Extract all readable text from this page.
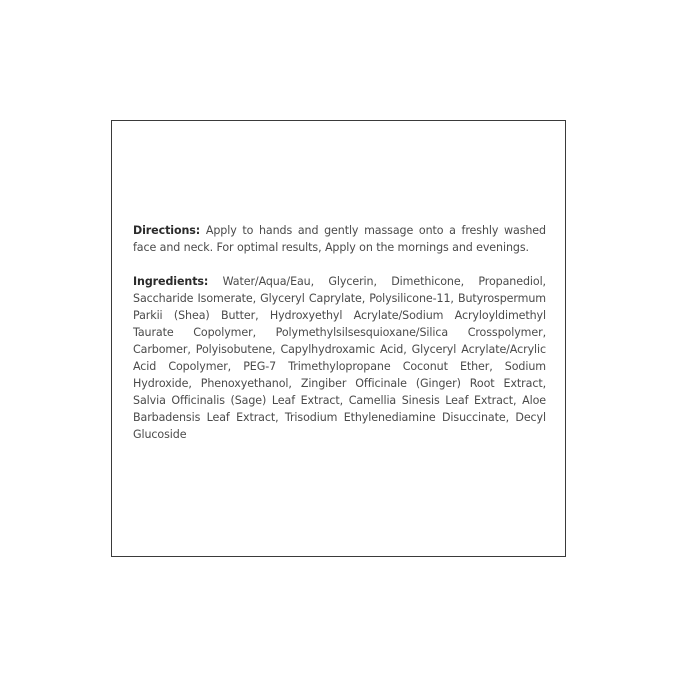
Directions: Apply to hands and gently massage onto a freshly washed face and neck. For optimal results, Apply on the mornings and evenings.

Ingredients: Water/Aqua/Eau, Glycerin, Dimethicone, Propanediol, Saccharide Isomerate, Glyceryl Caprylate, Polysilicone-11, Butyrospermum Parkii (Shea) Butter, Hydroxyethyl Acrylate/Sodium Acryloyldimethyl Taurate Copolymer, Polymethylsilsesquioxane/Silica Crosspolymer, Carbomer, Polyisobutene, Capylhydroxamic Acid, Glyceryl Acrylate/Acrylic Acid Copolymer, PEG-7 Trimethylopropane Coconut Ether, Sodium Hydroxide, Phenoxyethanol, Zingiber Officinale (Ginger) Root Extract, Salvia Officinalis (Sage) Leaf Extract, Camellia Sinesis Leaf Extract, Aloe Barbadensis Leaf Extract, Trisodium Ethylenediamine Disuccinate, Decyl Glucoside
